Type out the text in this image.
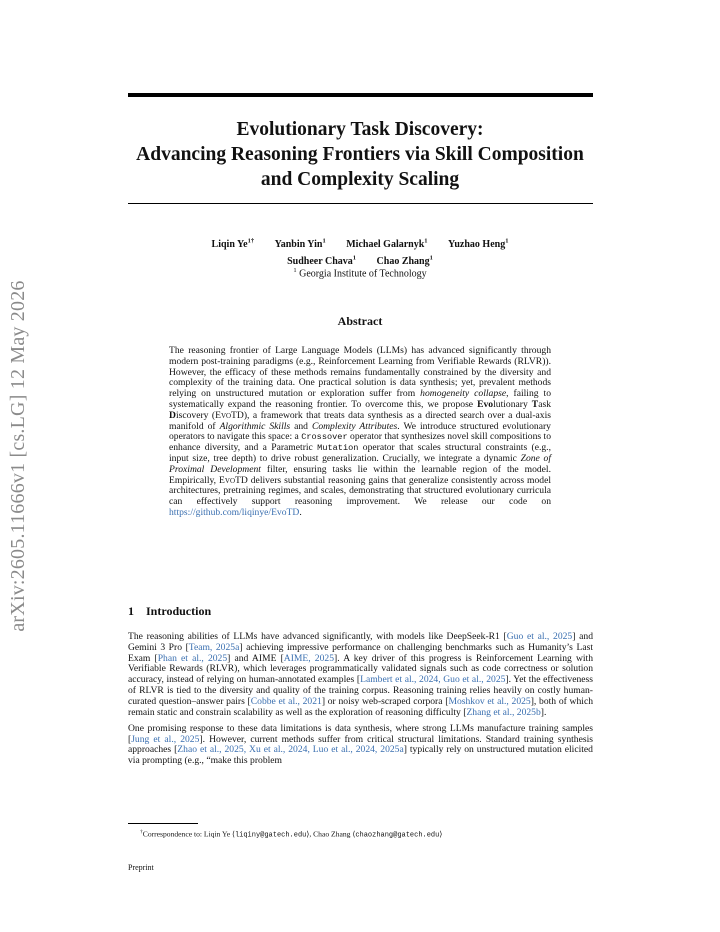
Evolutionary Task Discovery:
Advancing Reasoning Frontiers via Skill Composition
and Complexity Scaling
Liqin $Ye^{1\dagger}$ Yanbin Yin$^1$ Michael Galarnyk$^1$ Yuzhao Heng$^1$
Sudheer Chava$^1$ Chao Zhang$^1$
$^1$ Georgia Institute of Technology
arXiv:2605.11666v1 [cs.LG] 12 May 2026	Abstract

The reasoning frontier of Large Language Models (LLMs) has advanced significantly through modern post-training paradigms (e.g., Reinforcement Learning from Verifiable Rewards (RLVR)). However, the efficacy of these methods remains fundamentally constrained by the diversity and complexity of the training data. One practical solution is data synthesis; yet, prevalent methods relying on unstructured mutation or exploration suffer from homogeneity collapse, failing to systematically expand the reasoning frontier. To overcome this, we propose Evolutionary Task Discovery (EvoTD), a framework that treats data synthesis as a directed search over a dual-axis manifold of Algorithmic Skills and Complexity Attributes. We introduce structured evolutionary operators to navigate this space: a Crossover operator that synthesizes novel skill compositions to enhance diversity, and a Parametric Mutation operator that scales structural constraints (e.g., input size, tree depth) to drive robust generalization. Crucially, we integrate a dynamic Zone of Proximal Development filter, ensuring tasks lie within the learnable region of the model. Empirically, EvoTD delivers substantial reasoning gains that generalize consistently across model architectures, pretraining regimes, and scales, demonstrating that structured evolutionary curricula can effectively support reasoning improvement. We release our code on https://github.com/liqinye/EvoTD.

1 Introduction

The reasoning abilities of LLMs have advanced significantly, with models like DeepSeek-R1 [Guo et al., 2025] and Gemini 3 Pro [Team, 2025a] achieving impressive performance on challenging benchmarks such as Humanity’s Last Exam [Phan et al., 2025] and AIME [AIME, 2025]. A key driver of this progress is Reinforcement Learning with Verifiable Rewards (RLVR), which leverages programmatically validated signals such as code correctness or solution accuracy, instead of relying on human-annotated examples [Lambert et al., 2024, Guo et al., 2025]. Yet the effectiveness of RLVR is tied to the diversity and quality of the training corpus. Reasoning training relies heavily on costly human-curated question–answer pairs [Cobbe et al., 2021] or noisy web-scraped corpora [Moshkov et al., 2025], both of which remain static and constrain scalability as well as the exploration of reasoning difficulty [Zhang et al., 2025b].

One promising response to these data limitations is data synthesis, where strong LLMs manufacture training samples [Jung et al., 2025]. However, current methods suffer from critical structural limitations. Standard training synthesis approaches [Zhao et al., 2025, Xu et al., 2024, Luo et al., 2024, 2025a] typically rely on unstructured mutation elicited via prompting (e.g., “make this problem

†Correspondence to: Liqin Ye ⟨liqiny@gatech.edu⟩, Chao Zhang ⟨chaozhang@gatech.edu⟩
Preprint
